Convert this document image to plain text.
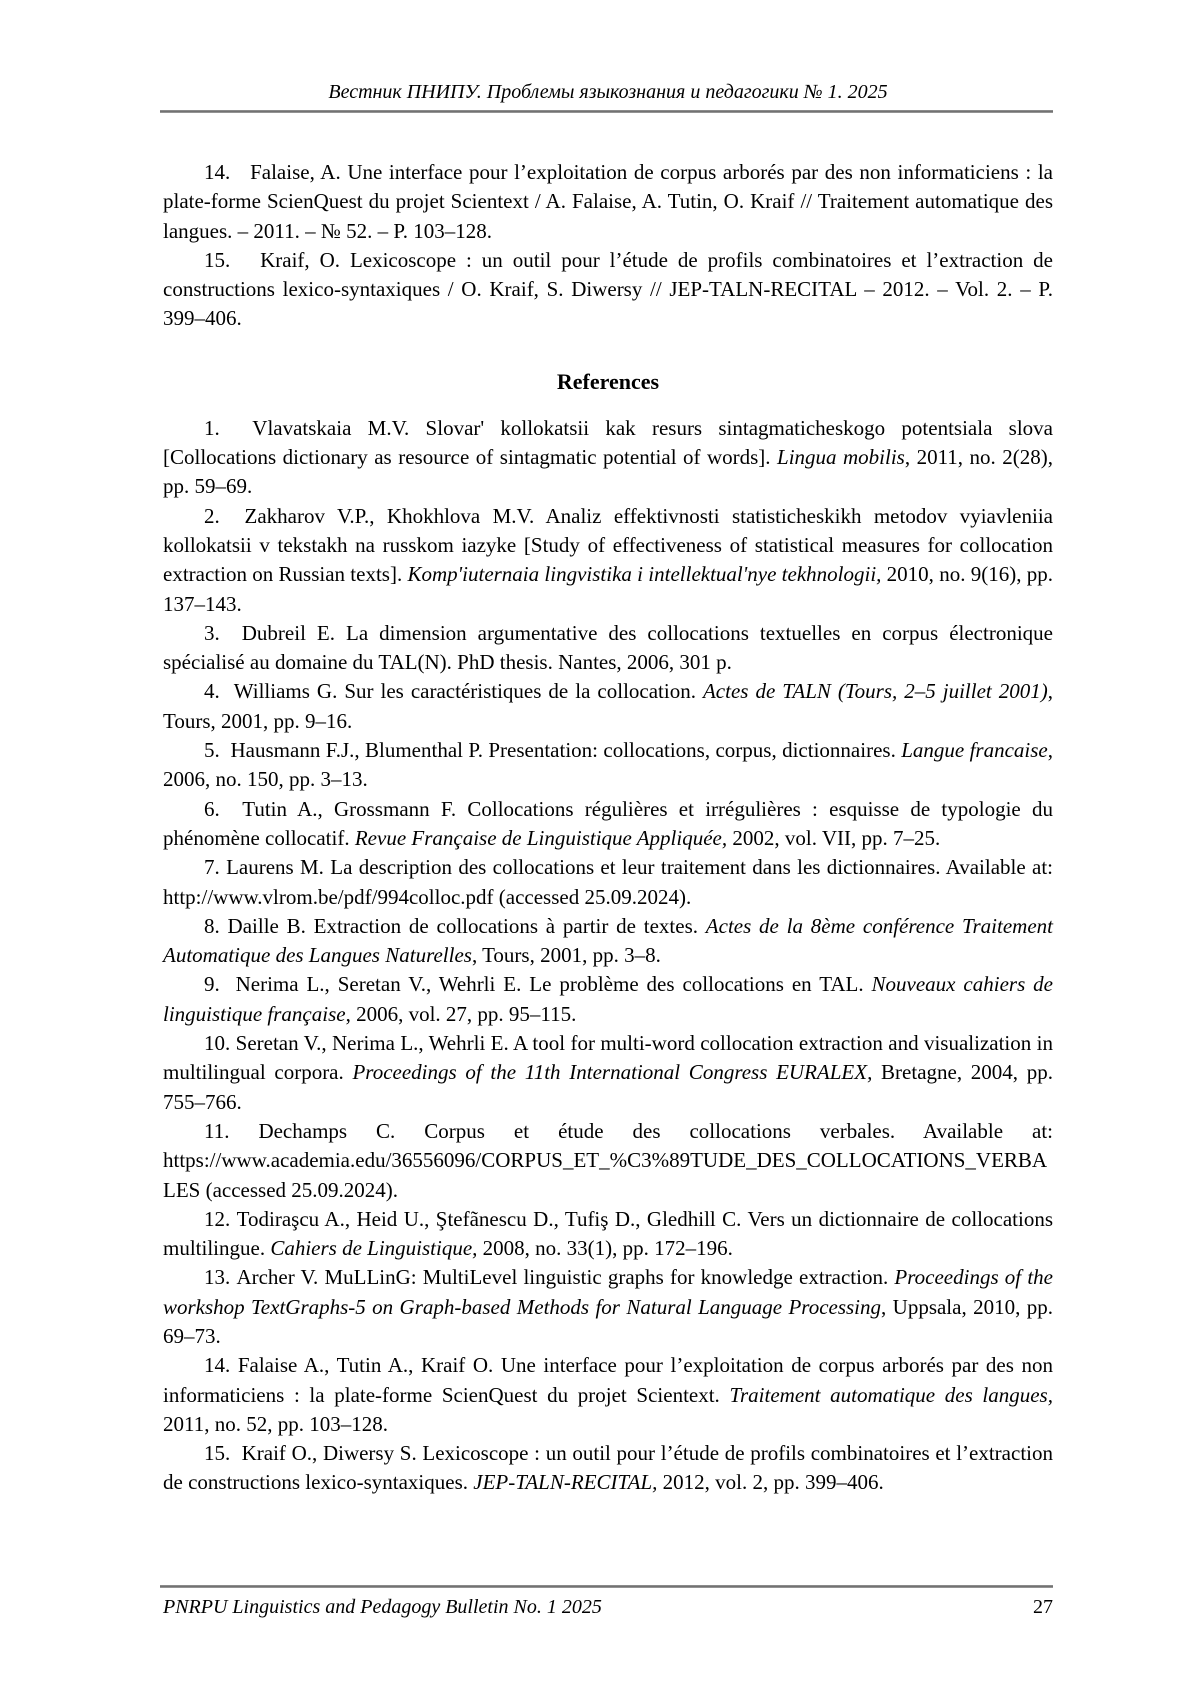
Вестник ПНИПУ. Проблемы языкознания и педагогики № 1. 2025

14.   Falaise, A. Une interface pour l’exploitation de corpus arborés par des non informaticiens : la plate-forme ScienQuest du projet Scientext / A. Falaise, A. Tutin, O. Kraif // Traitement automatique des langues. – 2011. – № 52. – P. 103–128.

15.   Kraif, O. Lexicoscope : un outil pour l’étude de profils combinatoires et l’extraction de constructions lexico-syntaxiques / O. Kraif, S. Diwersy // JEP-TALN-RECITAL – 2012. – Vol. 2. – P. 399–406.

References

1.  Vlavatskaia M.V. Slovar' kollokatsii kak resurs sintagmaticheskogo potentsiala slova [Collocations dictionary as resource of sintagmatic potential of words]. Lingua mobilis, 2011, no. 2(28), pp. 59–69.

2.  Zakharov V.P., Khokhlova M.V. Analiz effektivnosti statisticheskikh metodov vyiavleniia kollokatsii v tekstakh na russkom iazyke [Study of effectiveness of statistical measures for collocation extraction on Russian texts]. Komp'iuternaia lingvistika i intellektual'nye tekhnologii, 2010, no. 9(16), pp. 137–143.

3.  Dubreil E. La dimension argumentative des collocations textuelles en corpus électronique spécialisé au domaine du TAL(N). PhD thesis. Nantes, 2006, 301 p.

4.  Williams G. Sur les caractéristiques de la collocation. Actes de TALN (Tours, 2–5 juillet 2001), Tours, 2001, pp. 9–16.

5.  Hausmann F.J., Blumenthal P. Presentation: collocations, corpus, dictionnaires. Langue francaise, 2006, no. 150, pp. 3–13.

6.  Tutin A., Grossmann F. Collocations régulières et irrégulières : esquisse de typologie du phénomène collocatif. Revue Française de Linguistique Appliquée, 2002, vol. VII, pp. 7–25.

7. Laurens M. La description des collocations et leur traitement dans les dictionnaires. Available at: http://www.vlrom.be/pdf/994colloc.pdf (accessed 25.09.2024).

8. Daille B. Extraction de collocations à partir de textes. Actes de la 8ème conférence Traitement Automatique des Langues Naturelles, Tours, 2001, pp. 3–8.

9.  Nerima L., Seretan V., Wehrli E. Le problème des collocations en TAL. Nouveaux cahiers de linguistique française, 2006, vol. 27, pp. 95–115.

10. Seretan V., Nerima L., Wehrli E. A tool for multi-word collocation extraction and visualization in multilingual corpora. Proceedings of the 11th International Congress EURALEX, Bretagne, 2004, pp. 755–766.

11. Dechamps C. Corpus et étude des collocations verbales. Available at: https://www.academia.edu/36556096/CORPUS_ET_%C3%89TUDE_DES_COLLOCATIONS_VERBALES (accessed 25.09.2024).

12. Todiraşcu A., Heid U., Ştefãnescu D., Tufiş D., Gledhill C. Vers un dictionnaire de collocations multilingue. Cahiers de Linguistique, 2008, no. 33(1), pp. 172–196.

13. Archer V. MuLLinG: MultiLevel linguistic graphs for knowledge extraction. Proceedings of the workshop TextGraphs-5 on Graph-based Methods for Natural Language Processing, Uppsala, 2010, pp. 69–73.

14. Falaise A., Tutin A., Kraif O. Une interface pour l’exploitation de corpus arborés par des non informaticiens : la plate-forme ScienQuest du projet Scientext. Traitement automatique des langues, 2011, no. 52, pp. 103–128.

15.  Kraif O., Diwersy S. Lexicoscope : un outil pour l’étude de profils combinatoires et l’extraction de constructions lexico-syntaxiques. JEP-TALN-RECITAL, 2012, vol. 2, pp. 399–406.

PNRPU Linguistics and Pedagogy Bulletin No. 1 2025	27
